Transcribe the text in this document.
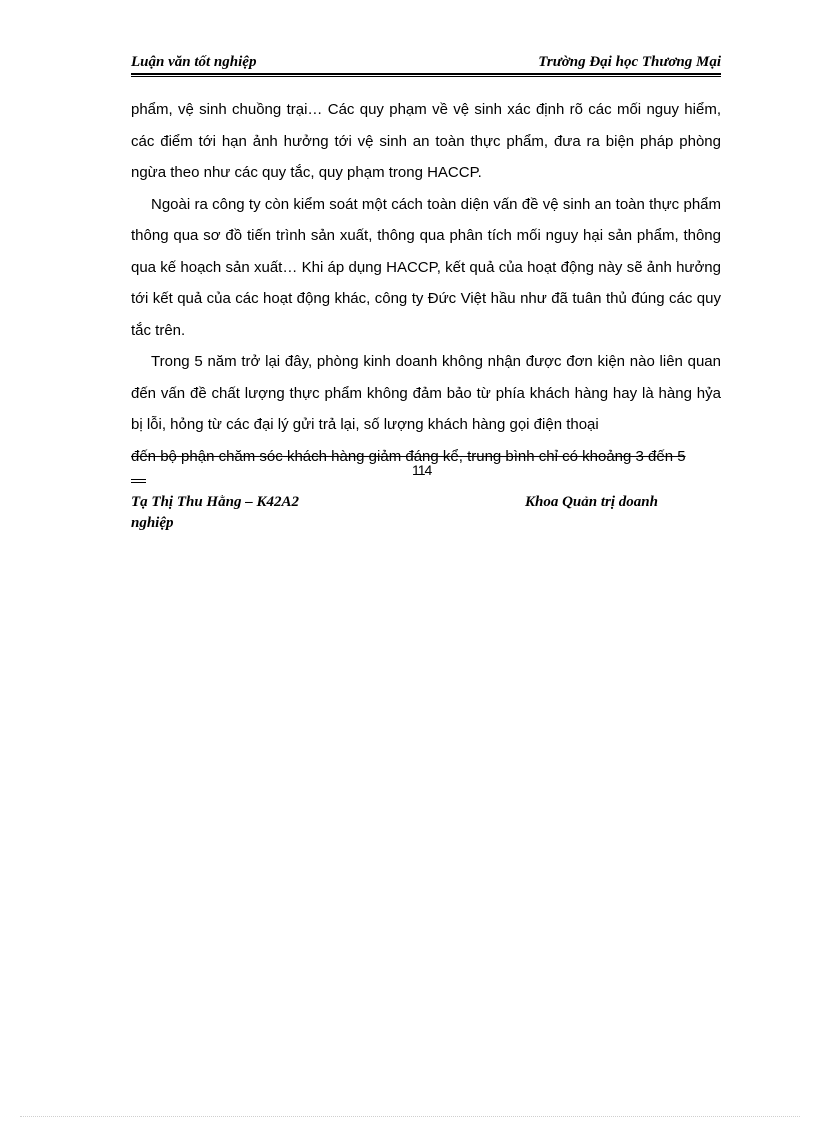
Luận văn tốt nghiệp	Trường Đại học Thương Mại

phẩm, vệ sinh chuồng trại… Các quy phạm về vệ sinh xác định rõ các mối nguy hiểm, các điểm tới hạn ảnh hưởng tới vệ sinh an toàn thực phẩm, đưa ra biện pháp phòng ngừa theo như các quy tắc, quy phạm trong HACCP.

Ngoài ra công ty còn kiểm soát một cách toàn diện vấn đề vệ sinh an toàn thực phẩm thông qua sơ đồ tiến trình sản xuất, thông qua phân tích mối nguy hại sản phẩm, thông qua kế hoạch sản xuất… Khi áp dụng HACCP, kết quả của hoạt động này sẽ ảnh hưởng tới kết quả của các hoạt động khác, công ty Đức Việt hầu như đã tuân thủ đúng các quy tắc trên.

Trong 5 năm trở lại đây, phòng kinh doanh không nhận được đơn kiện nào liên quan đến vấn đề chất lượng thực phẩm không đảm bảo từ phía khách hàng hay là hàng hỷa bị lỗi, hỏng từ các đại lý gửi trả lại, số lượng khách hàng gọi điện thoại

đến bộ phận chăm sóc khách hàng giảm đáng kể, trung bình chỉ có khoảng 3 đến 5

114
Tạ Thị Thu Hằng – K42A2	Khoa Quản trị doanh
nghiệp
